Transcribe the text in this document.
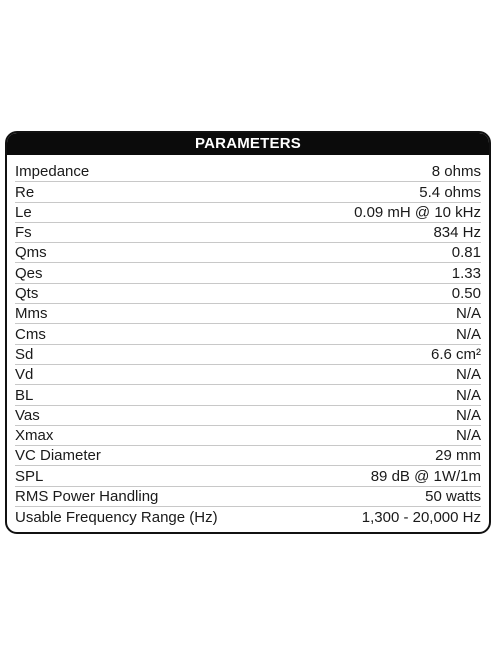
PARAMETERS
Impedance	8 ohms
Re	5.4 ohms
Le	0.09 mH @ 10 kHz
Fs	834 Hz
Qms	0.81
Qes	1.33
Qts	0.50
Mms	N/A
Cms	N/A
Sd	6.6 cm²
Vd	N/A
BL	N/A
Vas	N/A
Xmax	N/A
VC Diameter	29 mm
SPL	89 dB @ 1W/1m
RMS Power Handling	50 watts
Usable Frequency Range (Hz)	1,300 - 20,000 Hz
